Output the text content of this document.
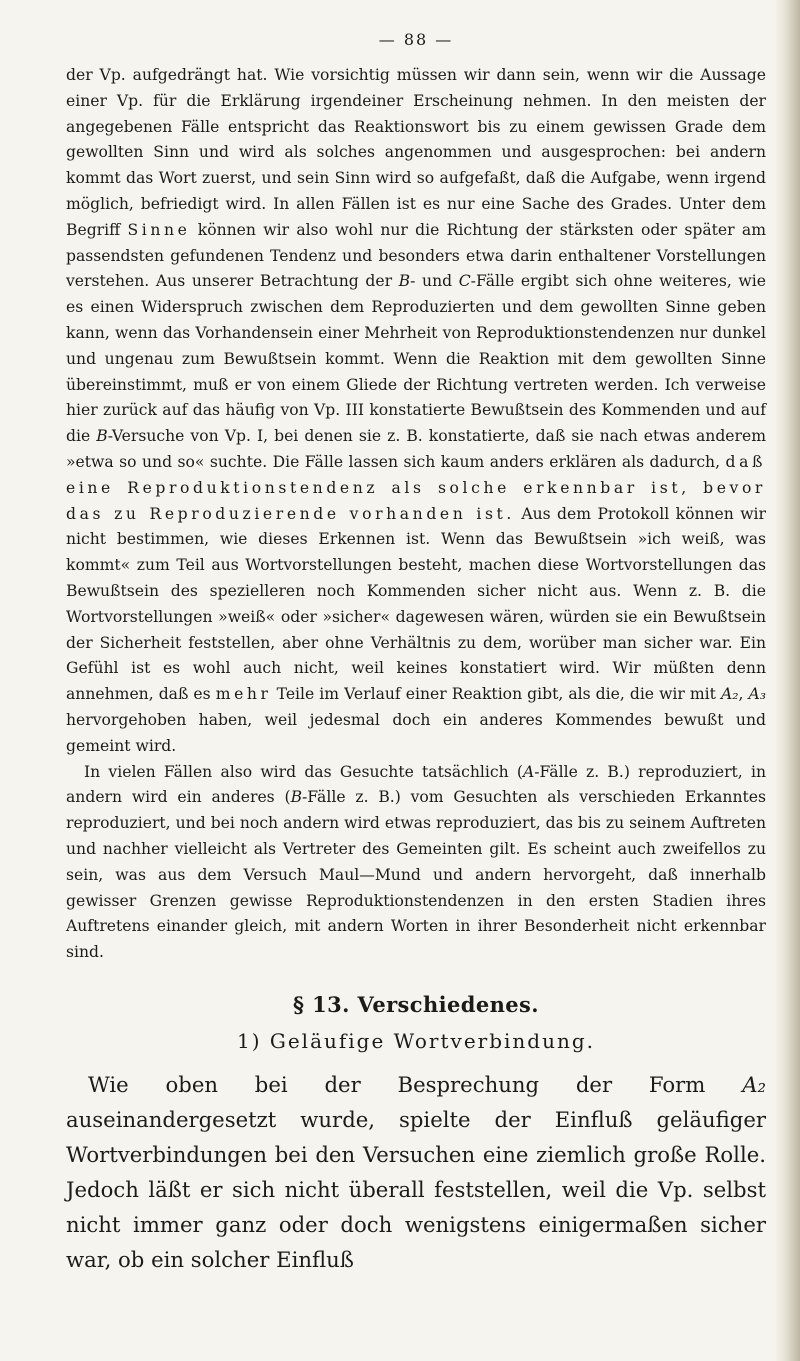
— 88 —

der Vp. aufgedrängt hat. Wie vorsichtig müssen wir dann sein, wenn wir die Aussage einer Vp. für die Erklärung irgendeiner Erscheinung nehmen. In den meisten der angegebenen Fälle entspricht das Reaktionswort bis zu einem gewissen Grade dem gewollten Sinn und wird als solches angenommen und ausgesprochen: bei andern kommt das Wort zuerst, und sein Sinn wird so aufgefaßt, daß die Aufgabe, wenn irgend möglich, befriedigt wird. In allen Fällen ist es nur eine Sache des Grades. Unter dem Begriff Sinne können wir also wohl nur die Richtung der stärksten oder später am passendsten gefundenen Tendenz und besonders etwa darin enthaltener Vorstellungen verstehen. Aus unserer Betrachtung der B- und C-Fälle ergibt sich ohne weiteres, wie es einen Widerspruch zwischen dem Reproduzierten und dem gewollten Sinne geben kann, wenn das Vorhandensein einer Mehrheit von Reproduktionstendenzen nur dunkel und ungenau zum Bewußtsein kommt. Wenn die Reaktion mit dem gewollten Sinne übereinstimmt, muß er von einem Gliede der Richtung vertreten werden. Ich verweise hier zurück auf das häufig von Vp. III konstatierte Bewußtsein des Kommenden und auf die B-Versuche von Vp. I, bei denen sie z. B. konstatierte, daß sie nach etwas anderem »etwa so und so« suchte. Die Fälle lassen sich kaum anders erklären als dadurch, daß eine Reproduktionstendenz als solche erkennbar ist, bevor das zu Reproduzierende vorhanden ist. Aus dem Protokoll können wir nicht bestimmen, wie dieses Erkennen ist. Wenn das Bewußtsein »ich weiß, was kommt« zum Teil aus Wortvorstellungen besteht, machen diese Wortvorstellungen das Bewußtsein des spezielleren noch Kommenden sicher nicht aus. Wenn z. B. die Wortvorstellungen »weiß« oder »sicher« dagewesen wären, würden sie ein Bewußtsein der Sicherheit feststellen, aber ohne Verhältnis zu dem, worüber man sicher war. Ein Gefühl ist es wohl auch nicht, weil keines konstatiert wird. Wir müßten denn annehmen, daß es mehr Teile im Verlauf einer Reaktion gibt, als die, die wir mit A₂, A₃ hervorgehoben haben, weil jedesmal doch ein anderes Kommendes bewußt und gemeint wird.

In vielen Fällen also wird das Gesuchte tatsächlich (A-Fälle z. B.) reproduziert, in andern wird ein anderes (B-Fälle z. B.) vom Gesuchten als verschieden Erkanntes reproduziert, und bei noch andern wird etwas reproduziert, das bis zu seinem Auftreten und nachher vielleicht als Vertreter des Gemeinten gilt. Es scheint auch zweifellos zu sein, was aus dem Versuch Maul—Mund und andern hervorgeht, daß innerhalb gewisser Grenzen gewisse Reproduktionstendenzen in den ersten Stadien ihres Auftretens einander gleich, mit andern Worten in ihrer Besonderheit nicht erkennbar sind.

§ 13. Verschiedenes.
1) Geläufige Wortverbindung.

Wie oben bei der Besprechung der Form A₂ auseinandergesetzt wurde, spielte der Einfluß geläufiger Wortverbindungen bei den Versuchen eine ziemlich große Rolle. Jedoch läßt er sich nicht überall feststellen, weil die Vp. selbst nicht immer ganz oder doch wenigstens einigermaßen sicher war, ob ein solcher Einfluß
